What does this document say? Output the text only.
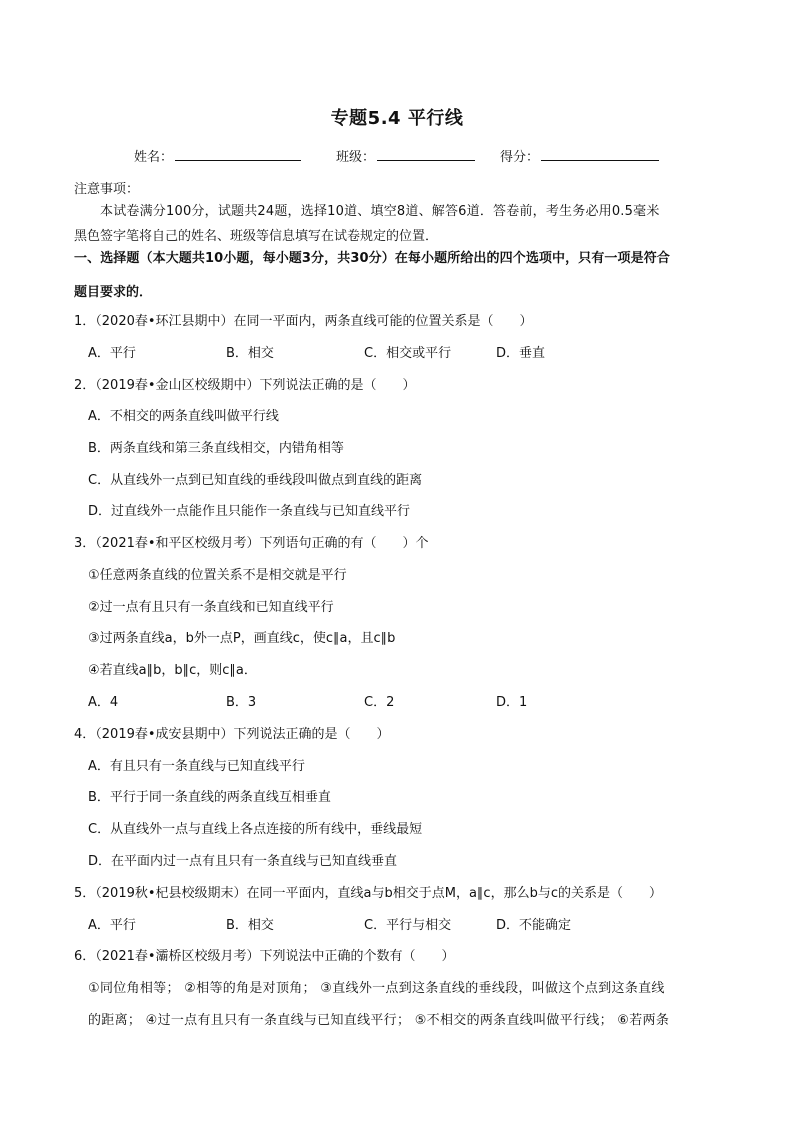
专题5.4 平行线
姓名：	班级：	得分：
注意事项：
本试卷满分100分，试题共24题，选择10道、填空8道、解答6道．答卷前，考生务必用0.5毫米
黑色签字笔将自己的姓名、班级等信息填写在试卷规定的位置．
一、选择题（本大题共10小题，每小题3分，共30分）在每小题所给出的四个选项中，只有一项是符合
题目要求的．
1．（2020春•环江县期中）在同一平面内，两条直线可能的位置关系是（　　）
A．平行	B．相交	C．相交或平行	D．垂直
2．（2019春•金山区校级期中）下列说法正确的是（　　）
A．不相交的两条直线叫做平行线
B．两条直线和第三条直线相交，内错角相等
C．从直线外一点到已知直线的垂线段叫做点到直线的距离
D．过直线外一点能作且只能作一条直线与已知直线平行
3．（2021春•和平区校级月考）下列语句正确的有（　　）个
①任意两条直线的位置关系不是相交就是平行
②过一点有且只有一条直线和已知直线平行
③过两条直线a，b外一点P，画直线c，使c∥a，且c∥b
④若直线a∥b，b∥c，则c∥a．
A．4	B．3	C．2	D．1
4．（2019春•成安县期中）下列说法正确的是（　　）
A．有且只有一条直线与已知直线平行
B．平行于同一条直线的两条直线互相垂直
C．从直线外一点与直线上各点连接的所有线中，垂线最短
D．在平面内过一点有且只有一条直线与已知直线垂直
5．（2019秋•杞县校级期末）在同一平面内，直线a与b相交于点M，a∥c，那么b与c的关系是（　　）
A．平行	B．相交	C．平行与相交	D．不能确定
6．（2021春•灞桥区校级月考）下列说法中正确的个数有（　　）
①同位角相等； ②相等的角是对顶角； ③直线外一点到这条直线的垂线段，叫做这个点到这条直线
的距离； ④过一点有且只有一条直线与已知直线平行； ⑤不相交的两条直线叫做平行线； ⑥若两条
